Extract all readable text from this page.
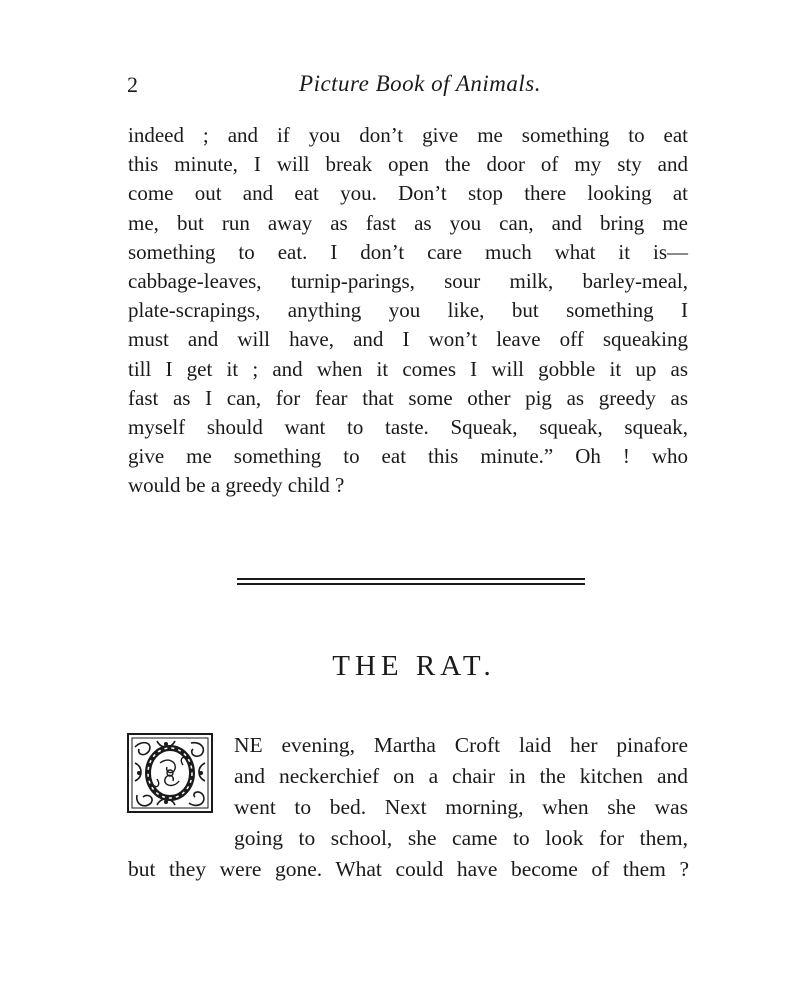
2	Picture Book of Animals.
indeed ; and if you don’t give me something to eat
this minute, I will break open the door of my sty and
come out and eat you. Don’t stop there looking at
me, but run away as fast as you can, and bring me
something to eat. I don’t care much what it is—
cabbage-leaves, turnip-parings, sour milk, barley-meal,
plate-scrapings, anything you like, but something I
must and will have, and I won’t leave off squeaking
till I get it ; and when it comes I will gobble it up as
fast as I can, for fear that some other pig as greedy as
myself should want to taste. Squeak, squeak, squeak,
give me something to eat this minute.” Oh ! who
would be a greedy child ?
THE RAT.
NE evening, Martha Croft laid her pinafore
and neckerchief on a chair in the kitchen and
went to bed. Next morning, when she was
going to school, she came to look for them,
but they were gone. What could have become of them ?
